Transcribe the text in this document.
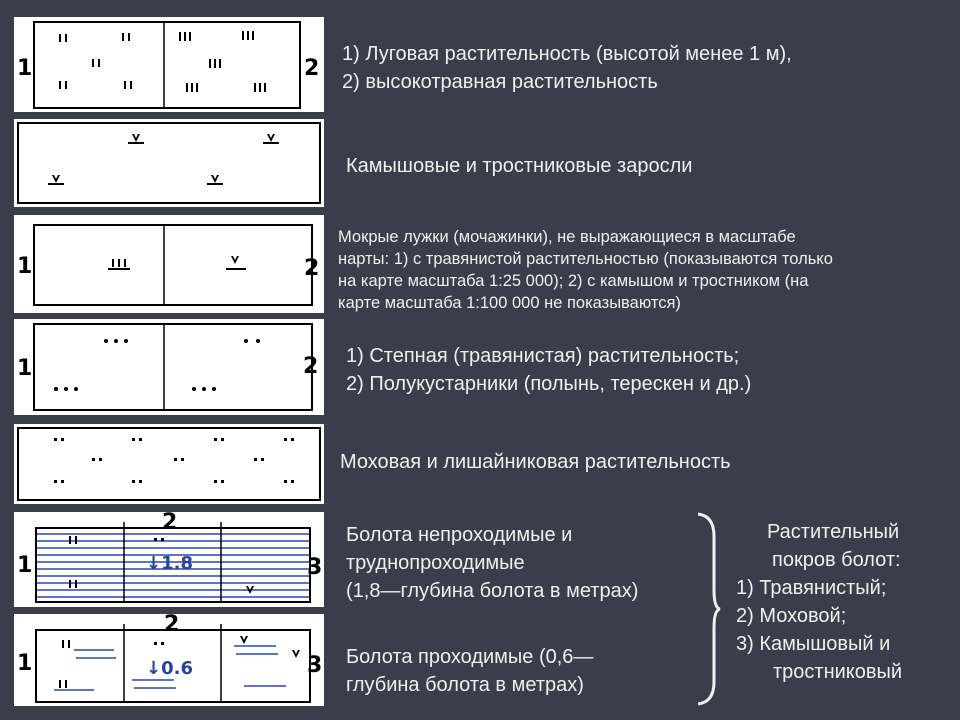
1	2
1) Луговая растительность (высотой менее 1 м),
2) высокотравная растительность
Камышовые и тростниковые заросли
1	2
Мокрые лужки (мочажинки), не выражающиеся в масштабе
нарты: 1) с травянистой растительностью (показываются только
на карте масштаба 1:25 000); 2) с камышом и тростником (на
карте масштаба 1:100 000 не показываются)
1	2 1) Степная (травянистая) растительность;
2) Полукустарники (полынь, терескен и др.)
Моховая и лишайниковая растительность
↓1.8
1
2
3
Болота непроходимые и
труднопроходимые
(1,8—глубина болота в метрах)
↓0.6
1
2
3 Болота проходимые (0,6—
глубина болота в метрах)
Растительный
покров болот:
1) Травянистый;
2) Моховой;
3) Камышовый и
тростниковый
